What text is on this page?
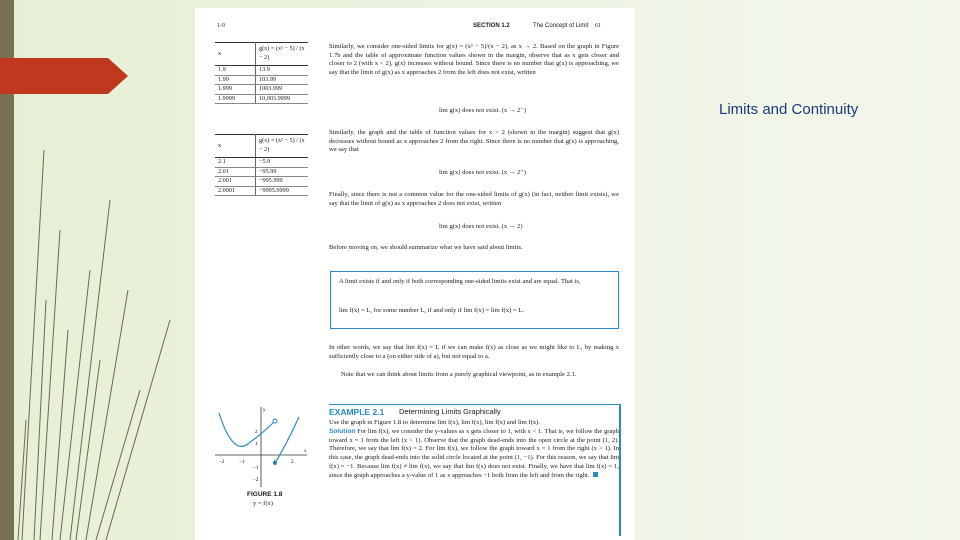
Limits and Continuity
1-9	SECTION 1.2	The Concept of Limit 61
x	g(x) = (x² − 5) / (x − 2)
1.9	13.9
1.99	103.99
1.999	1003.999
1.9999	10,003.9999
x	g(x) = (x² − 5) / (x − 2)
2.1	−5.9
2.01	−95.99
2.001	−995.999
2.0001	−9995.9999
Similarly, we consider one-sided limits for g(x) = (x² − 5)/(x − 2), as x → 2. Based on the graph in Figure 1.7b and the table of approximate function values shown in the margin, observe that as x gets closer and closer to 2 (with x < 2), g(x) increases without bound. Since there is no number that g(x) is approaching, we say that the limit of g(x) as x approaches 2 from the left does not exist, written
lim g(x) does not exist. (x → 2⁻)
Similarly, the graph and the table of function values for x > 2 (shown in the margin) suggest that g(x) decreases without bound as x approaches 2 from the right. Since there is no number that g(x) is approaching, we say that
lim g(x) does not exist. (x → 2⁺)
Finally, since there is not a common value for the one-sided limits of g(x) (in fact, neither limit exists), we say that the limit of g(x) as x approaches 2 does not exist, written
lim g(x) does not exist. (x → 2)
Before moving on, we should summarize what we have said about limits.
A limit exists if and only if both corresponding one-sided limits exist and are equal. That is,
lim f(x) = L, for some number L, if and only if lim f(x) = lim f(x) = L.
In other words, we say that lim f(x) = L if we can make f(x) as close as we might like to L, by making x sufficiently close to a (on either side of a), but not equal to a.
Note that we can think about limits from a purely graphical viewpoint, as in example 2.1.
2
1
−2	−1	1	2
−1
−2
y
x
FIGURE 1.8
y = f(x)
EXAMPLE 2.1 Determining Limits Graphically
Use the graph in Figure 1.8 to determine lim f(x), lim f(x), lim f(x) and lim f(x).
Solution For lim f(x), we consider the y-values as x gets closer to 1, with x < 1. That is, we follow the graph toward x = 1 from the left (x < 1). Observe that the graph dead-ends into the open circle at the point (1, 2). Therefore, we say that lim f(x) = 2. For lim f(x), we follow the graph toward x = 1 from the right (x > 1). In this case, the graph dead-ends into the solid circle located at the point (1, −1). For this reason, we say that lim f(x) = −1. Because lim f(x) ≠ lim f(x), we say that lim f(x) does not exist. Finally, we have that lim f(x) = 1, since the graph approaches a y-value of 1 as x approaches −1 both from the left and from the right.
